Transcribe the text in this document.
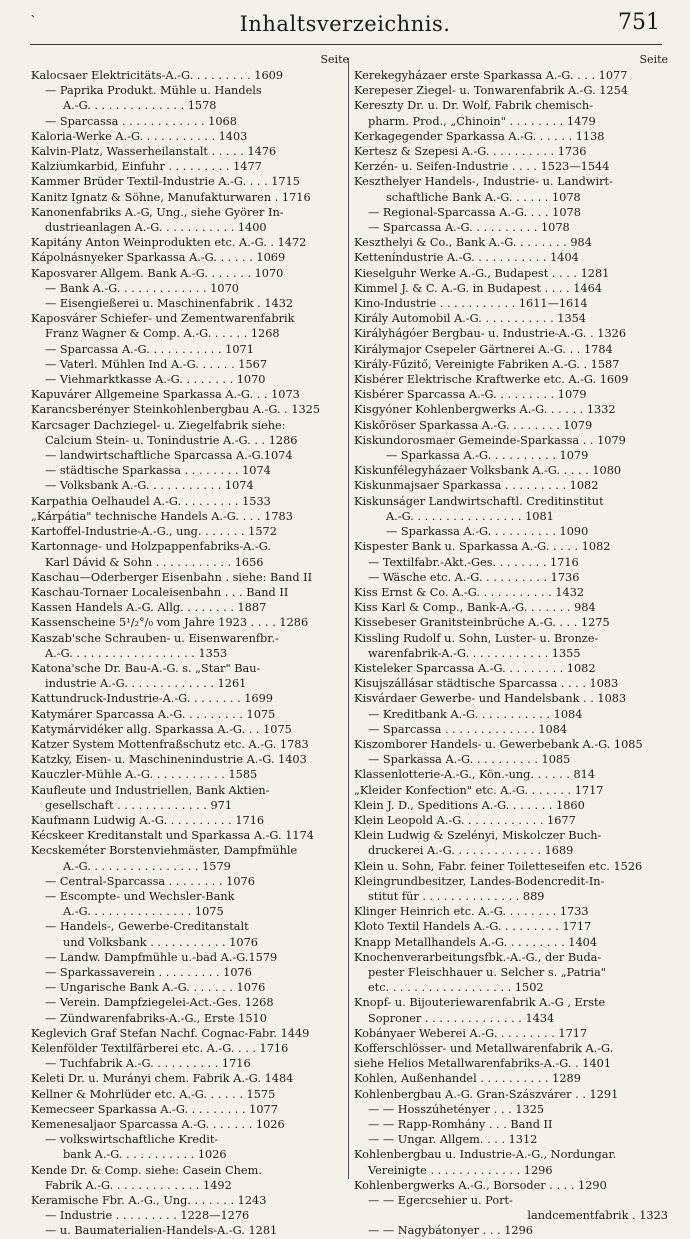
`	Inhaltsverzeichnis.	751
Seite
Kalocsaer Elektricitäts-A.-G. . . . . . . . . 1609
— Paprika Produkt. Mühle u. Handels
A.-G. . . . . . . . . . . . . . 1578
— Sparcassa . . . . . . . . . . . . 1068
Kaloria-Werke A.-G. . . . . . . . . . . 1403
Kalvin-Platz, Wasserheilanstalt . . . . . 1476
Kalziumkarbid, Einfuhr . . . . . . . . . 1477
Kammer Brüder Textil-Industrie A.-G. . . . 1715
Kanitz Ignatz & Söhne, Manufakturwaren . 1716
Kanonenfabriks A.-G, Ung., siehe Györer In-
dustrieanlagen A.-G. . . . . . . . . . . 1400
Kapitány Anton Weinprodukten etc. A.-G. . 1472
Kápolnásnyeker Sparkassa A.-G. . . . . . 1069
Kaposvarer Allgem. Bank A.-G. . . . . . . 1070
— Bank A.-G. . . . . . . . . . . . . 1070
— Eisengießerei u. Maschinenfabrik . 1432
Kaposvárer Schiefer- und Zementwarenfabrik
Franz Wagner & Comp. A.-G. . . . . . 1268
— Sparcassa A.-G. . . . . . . . . . . 1071
— Vaterl. Mühlen Ind A.-G. . . . . . 1567
— Viehmarktkasse A.-G. . . . . . . . 1070
Kapuvárer Allgemeine Sparkassa A.-G. . . 1073
Karancsberényer Steinkohlenbergbau A.-G. . 1325
Karcsager Dachziegel- u. Ziegelfabrik siehe:
Calcium Stein- u. Tonindustrie A.-G. . . 1286
— landwirtschaftliche Sparcassa A.-G.1074
— städtische Sparkassa . . . . . . . . 1074
— Volksbank A.-G. . . . . . . . . . . 1074
Karpathia Oelhaudel A.-G. . . . . . . . . 1533
„Kárpátia" technische Handels A.-G. . . . 1783
Kartoffel-Industrie-A.-G., ung. . . . . . . 1572
Kartonnage- und Holzpappenfabriks-A.-G.
Karl Dávid & Sohn . . . . . . . . . . . 1656
Kaschau—Oderberger Eisenbahn . siehe: Band II
Kaschau-Tornaer Localeisenbahn . . . Band II
Kassen Handels A.-G. Allg. . . . . . . . 1887
Kassenscheine 5¹/₂°/₀ vom Jahre 1923 . . . . 1286
Kaszab'sche Schrauben- u. Eisenwarenfbr.-
A.-G. . . . . . . . . . . . . . . . . . 1353
Katona'sche Dr. Bau-A.-G. s. „Star" Bau-
industrie A.-G. . . . . . . . . . . . . 1261
Kattundruck-Industrie-A.-G. . . . . . . . 1699
Katymárer Sparcassa A.-G. . . . . . . . . 1075
Katymárvidéker allg. Sparkassa A.-G. . . 1075
Katzer System Mottenfraßschutz etc. A.-G. 1783
Katzky, Eisen- u. Maschinenindustrie A.-G. 1403
Kauczler-Mühle A.-G. . . . . . . . . . . 1585
Kaufleute und Industriellen, Bank Aktien-
gesellschaft . . . . . . . . . . . . . 971
Kaufmann Ludwig A.-G. . . . . . . . . . 1716
Kécskeer Kreditanstalt und Sparkassa A.-G. 1174
Kecskeméter Borstenviehmäster, Dampfmühle
A.-G. . . . . . . . . . . . . . . . 1579
— Central-Sparcassa . . . . . . . . 1076
— Escompte- und Wechsler-Bank
A.-G. . . . . . . . . . . . . . . 1075
— Handels-, Gewerbe-Creditanstalt
und Volksbank . . . . . . . . . . . 1076
— Landw. Dampfmühle u.-bad A.-G.1579
— Sparkassaverein . . . . . . . . . 1076
— Ungarische Bank A.-G. . . . . . . 1076
— Verein. Dampfziegelei-Act.-Ges. 1268
— Zündwarenfabriks-A.-G., Erste 1510
Keglevich Graf Stefan Nachf. Cognac-Fabr. 1449
Kelenfölder Textilfärberei etc. A.-G. . . . 1716
— Tuchfabrik A.-G. . . . . . . . . . 1716
Keleti Dr. u. Murányi chem. Fabrik A.-G. 1484
Kellner & Mohrlüder etc. A.-G. . . . . . 1575
Kemecseer Sparkassa A.-G. . . . . . . . . 1077
Kemenesaljaor Sparcassa A.-G. . . . . . . 1026
— volkswirtschaftliche Kredit-
bank A.-G. . . . . . . . . . . 1026
Kende Dr. & Comp. siehe: Casein Chem.
Fabrik A.-G. . . . . . . . . . . . . 1492
Keramische Fbr. A.-G., Ung. . . . . . . 1243
— Industrie . . . . . . . . . 1228—1276
— u. Baumaterialien-Handels-A.-G. 1281
Seite
Kerekegyházaer erste Sparkassa A.-G. . . . 1077
Kerepeser Ziegel- u. Tonwarenfabrik A.-G. 1254
Kereszty Dr. u. Dr. Wolf, Fabrik chemisch-
pharm. Prod., „Chinoin" . . . . . . . . 1479
Kerkagegender Sparkassa A.-G. . . . . . 1138
Kertesz & Szepesi A.-G. . . . . . . . . . 1736
Kerzén- u. Seifen-Industrie . . . . 1523—1544
Keszthelyer Handels-, Industrie- u. Landwirt-
schaftliche Bank A.-G. . . . . . 1078
— Regional-Sparcassa A.-G. . . . 1078
— Sparcassa A.-G. . . . . . . . . . 1078
Keszthelyi & Co., Bank A.-G. . . . . . . . 984
Ketteníndustrie A.-G. . . . . . . . . . . 1404
Kieselguhr Werke A.-G., Budapest . . . . 1281
Kimmel J. & C. A.-G. in Budapest . . . . 1464
Kino-Industrie . . . . . . . . . . . 1611—1614
Király Automobil A.-G. . . . . . . . . . . 1354
Királyhágóer Bergbau- u. Industrie-A.-G. . 1326
Királymajor Csepeler Gärtnerei A.-G. . . 1784
Király-Fűzitő, Vereinigte Fabriken A.-G. . 1587
Kisbérer Elektrische Kraftwerke etc. A.-G. 1609
Kisbérer Sparcassa A.-G. . . . . . . . . 1079
Kisgyóner Kohlenbergwerks A.-G. . . . . . 1332
Kiskőröser Sparkassa A.-G. . . . . . . . 1079
Kiskundorosmaer Gemeinde-Sparkassa . . 1079
— Sparkassa A.-G. . . . . . . . . . 1079
Kiskunfélegyházaer Volksbank A.-G. . . . . 1080
Kiskunmajsaer Sparkassa . . . . . . . . . 1082
Kiskunságer Landwirtschaftl. Creditinstitut
A.-G. . . . . . . . . . . . . . . . 1081
— Sparkassa A.-G. . . . . . . . . . 1090
Kispester Bank u. Sparkassa A.-G. . . . . 1082
— Textilfabr.-Akt.-Ges. . . . . . . . 1716
— Wäsche etc. A.-G. . . . . . . . . . 1736
Kiss Ernst & Co. A.-G. . . . . . . . . . . 1432
Kiss Karl & Comp., Bank-A.-G. . . . . . . 984
Kissebeser Granitsteinbrüche A.-G. . . . 1275
Kissling Rudolf u. Sohn, Luster- u. Bronze-
warenfabrik-A.-G. . . . . . . . . . . . 1355
Kisteleker Sparcassa A.-G. . . . . . . . . 1082
Kisujszállásar städtische Sparcassa . . . . 1083
Kisvárdaer Gewerbe- und Handelsbank . . 1083
— Kreditbank A.-G. . . . . . . . . . . 1084
— Sparcassa . . . . . . . . . . . . . 1084
Kiszomborer Handels- u. Gewerbebank A.-G. 1085
— Sparkassa A.-G. . . . . . . . . . 1085
Klassenlotterie-A.-G., Kön.-ung. . . . . . 814
„Kleider Konfection" etc. A.-G. . . . . . . 1717
Klein J. D., Speditions A.-G. . . . . . . 1860
Klein Leopold A.-G. . . . . . . . . . . . 1677
Klein Ludwig & Szelényi, Miskolczer Buch-
druckerei A.-G. . . . . . . . . . . . . 1689
Klein u. Sohn, Fabr. feiner Toiletteseifen etc. 1526
Kleingrundbesitzer, Landes-Bodencredit-In-
stitut für . . . . . . . . . . . . . . 889
Klinger Heinrich etc. A.-G. . . . . . . . 1733
Kloto Textil Handels A.-G. . . . . . . . . 1717
Knapp Metallhandels A.-G. . . . . . . . . 1404
Knochenverarbeitungsfbk.-A.-G., der Buda-
pester Fleischhauer u. Selcher s. „Patria"
etc. . . . . . . . . . . . . . . . . . 1502
Knopf- u. Bijouteriewarenfabrik A.-G , Erste
Soproner . . . . . . . . . . . . . . 1434
Kobányaer Weberei A.-G. . . . . . . . . 1717
Kofferschlösser- und Metallwarenfabrik A.-G.
siehe Helios Metallwarenfabriks-A.-G. . 1401
Kohlen, Außenhandel . . . . . . . . . . 1289
Kohlenbergbau A.-G. Gran-Szászvárer . . 1291
— — Hosszúhetényer . . . 1325
— — Rapp-Romhány . . . Band II
— — Ungar. Allgem. . . . 1312
Kohlenbergbau u. Industrie-A.-G., Nordungar.
Vereinigte . . . . . . . . . . . . . 1296
Kohlenbergwerks A.-G., Borsoder . . . . 1290
— — Egercsehier u. Port-
landcementfabrik . 1323
— — Nagybátonyer . . . 1296
